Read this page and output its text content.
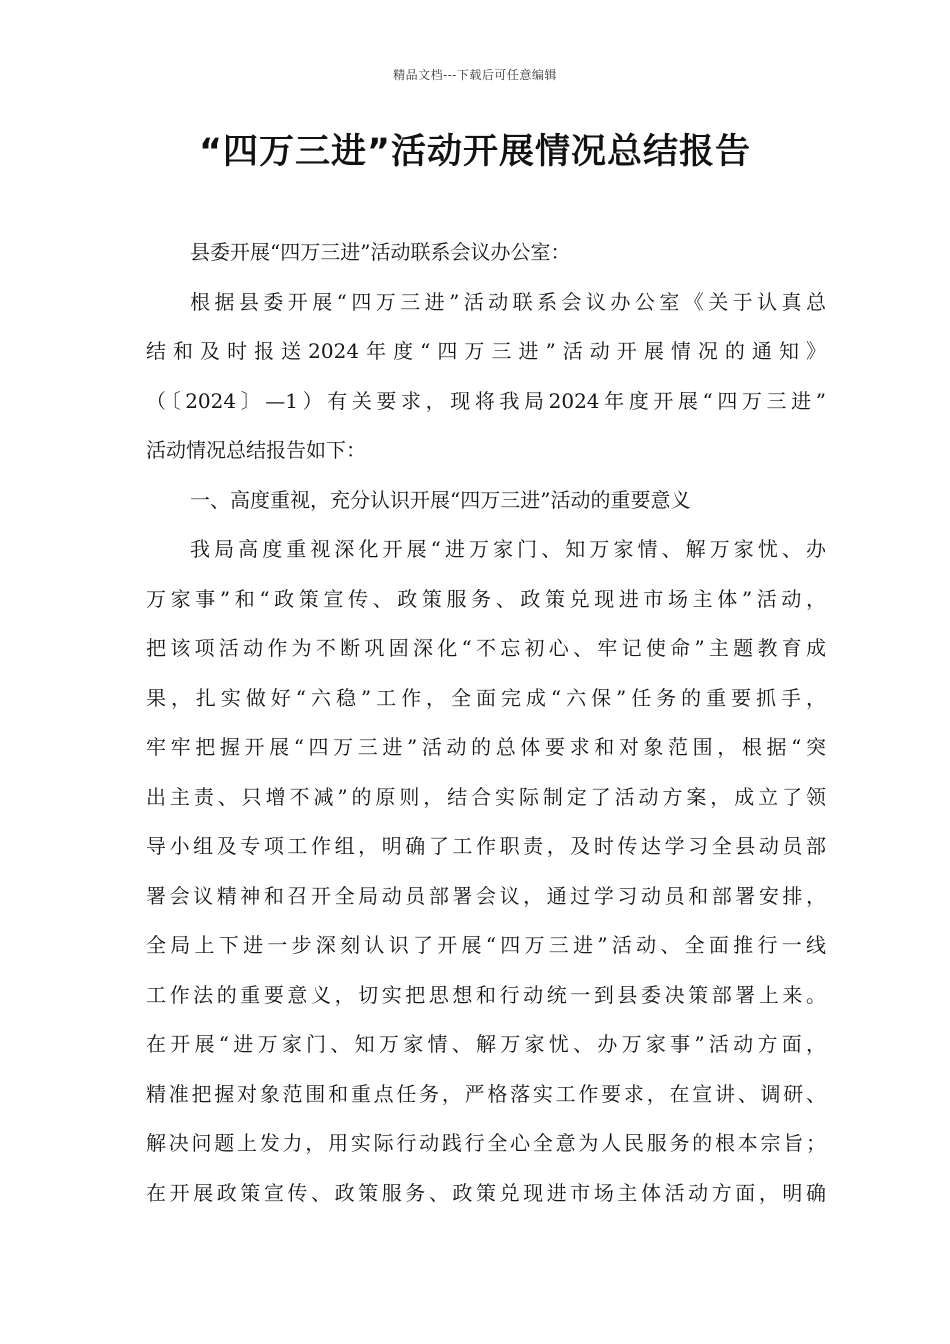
精品文档---下载后可任意编辑
“四万三进”活动开展情况总结报告
县委开展“四万三进”活动联系会议办公室：
根据县委开展“四万三进”活动联系会议办公室《关于认真总
结和及时报送2024年度“四万三进”活动开展情况的通知》
（〔2024〕—1）有关要求，现将我局2024年度开展“四万三进”
活动情况总结报告如下：
一、高度重视，充分认识开展“四万三进”活动的重要意义
我局高度重视深化开展“进万家门、知万家情、解万家忧、办
万家事”和“政策宣传、政策服务、政策兑现进市场主体”活动，
把该项活动作为不断巩固深化“不忘初心、牢记使命”主题教育成
果，扎实做好“六稳”工作，全面完成“六保”任务的重要抓手，
牢牢把握开展“四万三进”活动的总体要求和对象范围，根据“突
出主责、只增不减”的原则，结合实际制定了活动方案，成立了领
导小组及专项工作组，明确了工作职责，及时传达学习全县动员部
署会议精神和召开全局动员部署会议，通过学习动员和部署安排，
全局上下进一步深刻认识了开展“四万三进”活动、全面推行一线
工作法的重要意义，切实把思想和行动统一到县委决策部署上来。
在开展“进万家门、知万家情、解万家忧、办万家事”活动方面，
精准把握对象范围和重点任务，严格落实工作要求，在宣讲、调研、
解决问题上发力，用实际行动践行全心全意为人民服务的根本宗旨；
在开展政策宣传、政策服务、政策兑现进市场主体活动方面，明确
